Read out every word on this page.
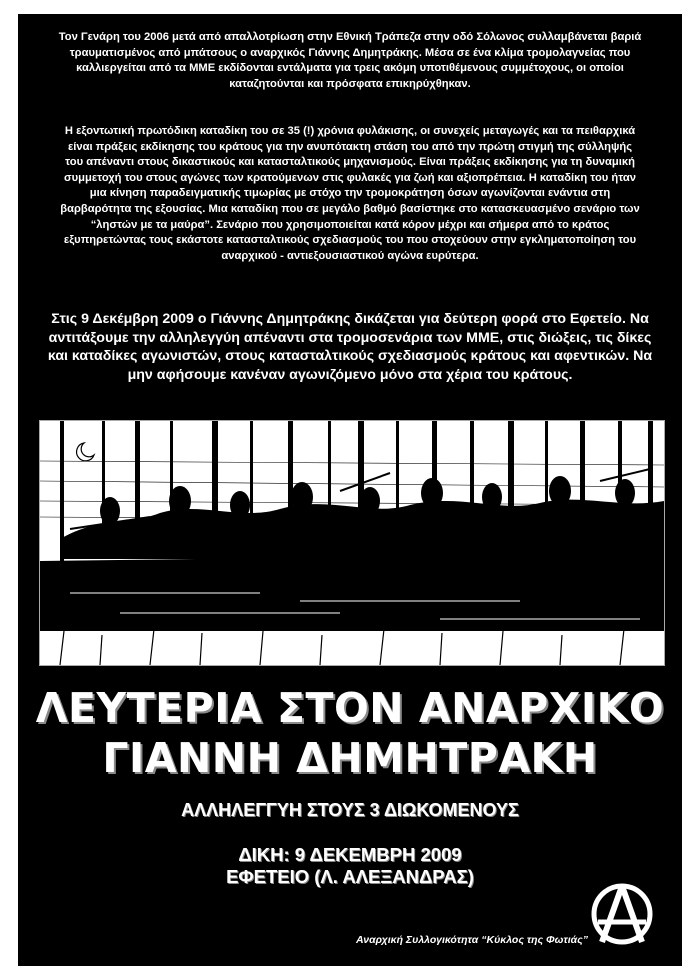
Τον Γενάρη του 2006 μετά από απαλλοτρίωση στην Εθνική Τράπεζα στην οδό Σόλωνος συλλαμβάνεται βαριά τραυματισμένος από μπάτσους ο αναρχικός Γιάννης Δημητράκης. Μέσα σε ένα κλίμα τρομολαγνείας που καλλιεργείται από τα ΜΜΕ εκδίδονται εντάλματα για τρεις ακόμη υποτιθέμενους συμμέτοχους, οι οποίοι καταζητούνται και πρόσφατα επικηρύχθηκαν.

Η εξοντωτική πρωτόδικη καταδίκη του σε 35 (!) χρόνια φυλάκισης, οι συνεχείς μεταγωγές και τα πειθαρχικά είναι πράξεις εκδίκησης του κράτους για την ανυπότακτη στάση του από την πρώτη στιγμή της σύλληψής του απέναντι στους δικαστικούς και κατασταλτικούς μηχανισμούς. Είναι πράξεις εκδίκησης για τη δυναμική συμμετοχή του στους αγώνες των κρατούμενων στις φυλακές για ζωή και αξιοπρέπεια. Η καταδίκη του ήταν μια κίνηση παραδειγματικής τιμωρίας με στόχο την τρομοκράτηση όσων αγωνίζονται ενάντια στη βαρβαρότητα της εξουσίας. Μια καταδίκη που σε μεγάλο βαθμό βασίστηκε στο κατασκευασμένο σενάριο των “ληστών με τα μαύρα”. Σενάριο που χρησιμοποιείται κατά κόρον μέχρι και σήμερα από το κράτος εξυπηρετώντας τους εκάστοτε κατασταλτικούς σχεδιασμούς του που στοχεύουν στην εγκληματοποίηση του αναρχικού - αντιεξουσιαστικού αγώνα ευρύτερα.

Στις 9 Δεκέμβρη 2009 ο Γιάννης Δημητράκης δικάζεται για δεύτερη φορά στο Εφετείο. Να αντιτάξουμε την αλληλεγγύη απέναντι στα τρομοσενάρια των ΜΜΕ, στις διώξεις, τις δίκες και καταδίκες αγωνιστών, στους κατασταλτικούς σχεδιασμούς κράτους και αφεντικών. Να μην αφήσουμε κανέναν αγωνιζόμενο μόνο στα χέρια του κράτους.

ΛΕΥΤΕΡΙΑ ΣΤΟΝ ΑΝΑΡΧΙΚΟ
ΓΙΑΝΝΗ ΔΗΜΗΤΡΑΚΗ

ΑΛΛΗΛΕΓΓΥΗ ΣΤΟΥΣ 3 ΔΙΩΚΟΜΕΝΟΥΣ

ΔΙΚΗ: 9 ΔΕΚΕΜΒΡΗ 2009

ΕΦΕΤΕΙΟ (Λ. ΑΛΕΞΑΝΔΡΑΣ)

Αναρχική Συλλογικότητα “Κύκλος της Φωτιάς”
